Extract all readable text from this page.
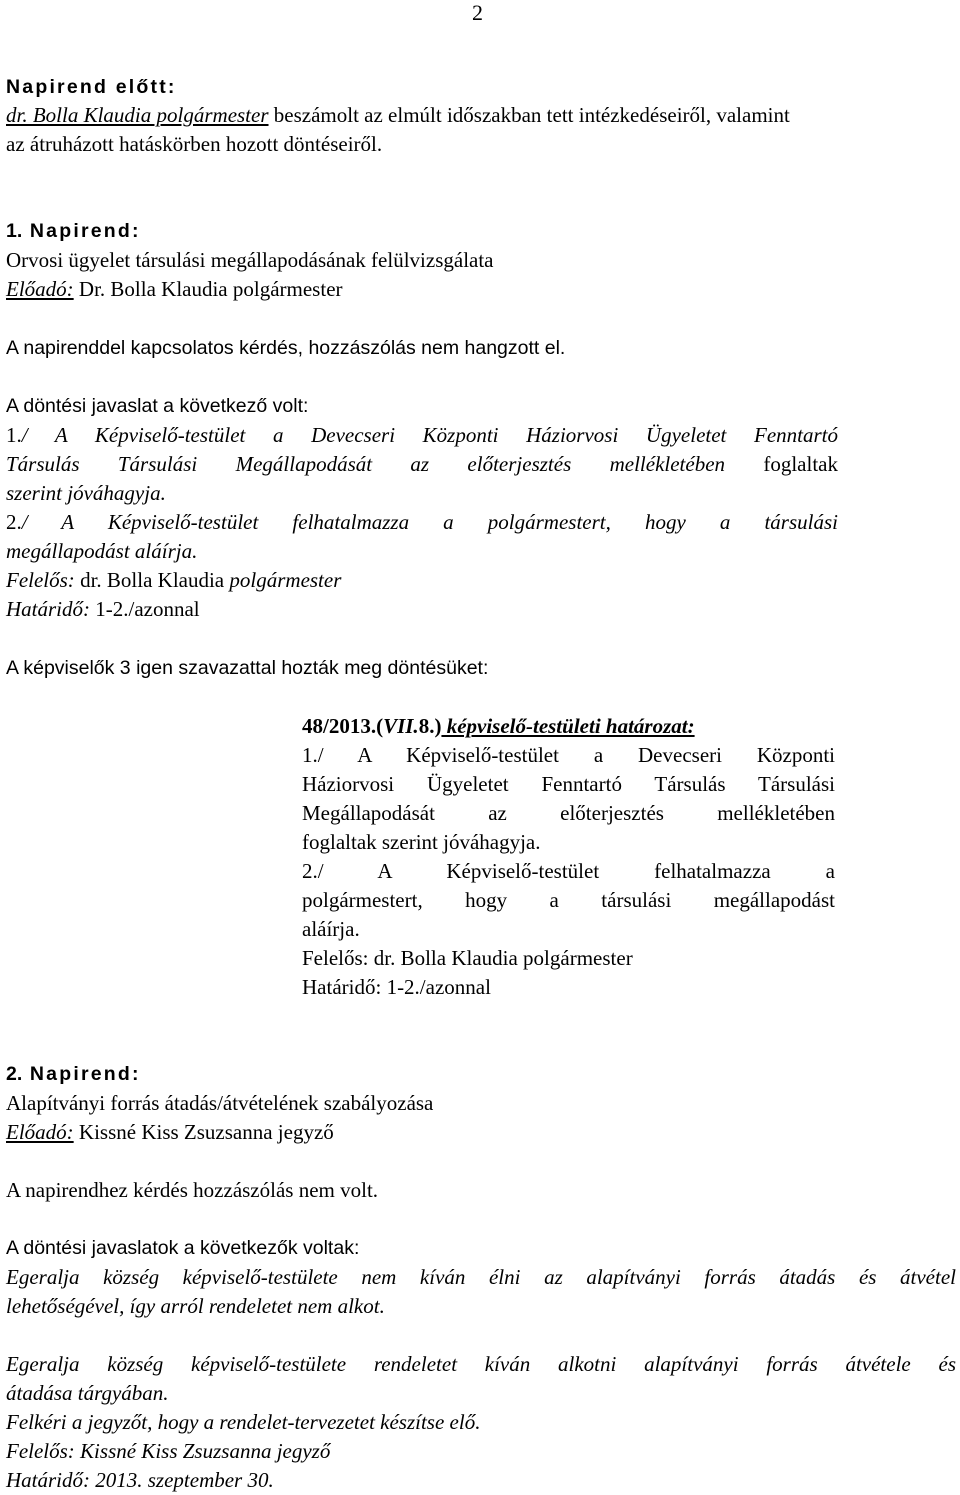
2
Napirend előtt:
dr. Bolla Klaudia polgármester beszámolt az elmúlt időszakban tett intézkedéseiről, valamint
az átruházott hatáskörben hozott döntéseiről.
1. Napirend:
Orvosi ügyelet társulási megállapodásának felülvizsgálata
Előadó: Dr. Bolla Klaudia polgármester
A napirenddel kapcsolatos kérdés, hozzászólás nem hangzott el.
A döntési javaslat a következő volt:
1./ A Képviselő-testület a Devecseri Központi Háziorvosi Ügyeletet Fenntartó
Társulás Társulási Megállapodását az előterjesztés mellékletében foglaltak
szerint jóváhagyja.
2./ A Képviselő-testület felhatalmazza a polgármestert, hogy a társulási
megállapodást aláírja.
Felelős: dr. Bolla Klaudia polgármester
Határidő: 1-2./azonnal
A képviselők 3 igen szavazattal hozták meg döntésüket:
48/2013.(VII.8.) képviselő-testületi határozat:
1./ A Képviselő-testület a Devecseri Központi
Háziorvosi Ügyeletet Fenntartó Társulás Társulási
Megállapodását az előterjesztés mellékletében
foglaltak szerint jóváhagyja.
2./ A Képviselő-testület felhatalmazza a
polgármestert, hogy a társulási megállapodást
aláírja.
Felelős: dr. Bolla Klaudia polgármester
Határidő: 1-2./azonnal
2. Napirend:
Alapítványi forrás átadás/átvételének szabályozása
Előadó: Kissné Kiss Zsuzsanna jegyző
A napirendhez kérdés hozzászólás nem volt.
A döntési javaslatok a következők voltak:
Egeralja község képviselő-testülete nem kíván élni az alapítványi forrás átadás és átvétel
lehetőségével, így arról rendeletet nem alkot.
Egeralja község képviselő-testülete rendeletet kíván alkotni alapítványi forrás átvétele és
átadása tárgyában.
Felkéri a jegyzőt, hogy a rendelet-tervezetet készítse elő.
Felelős: Kissné Kiss Zsuzsanna jegyző
Határidő: 2013. szeptember 30.
